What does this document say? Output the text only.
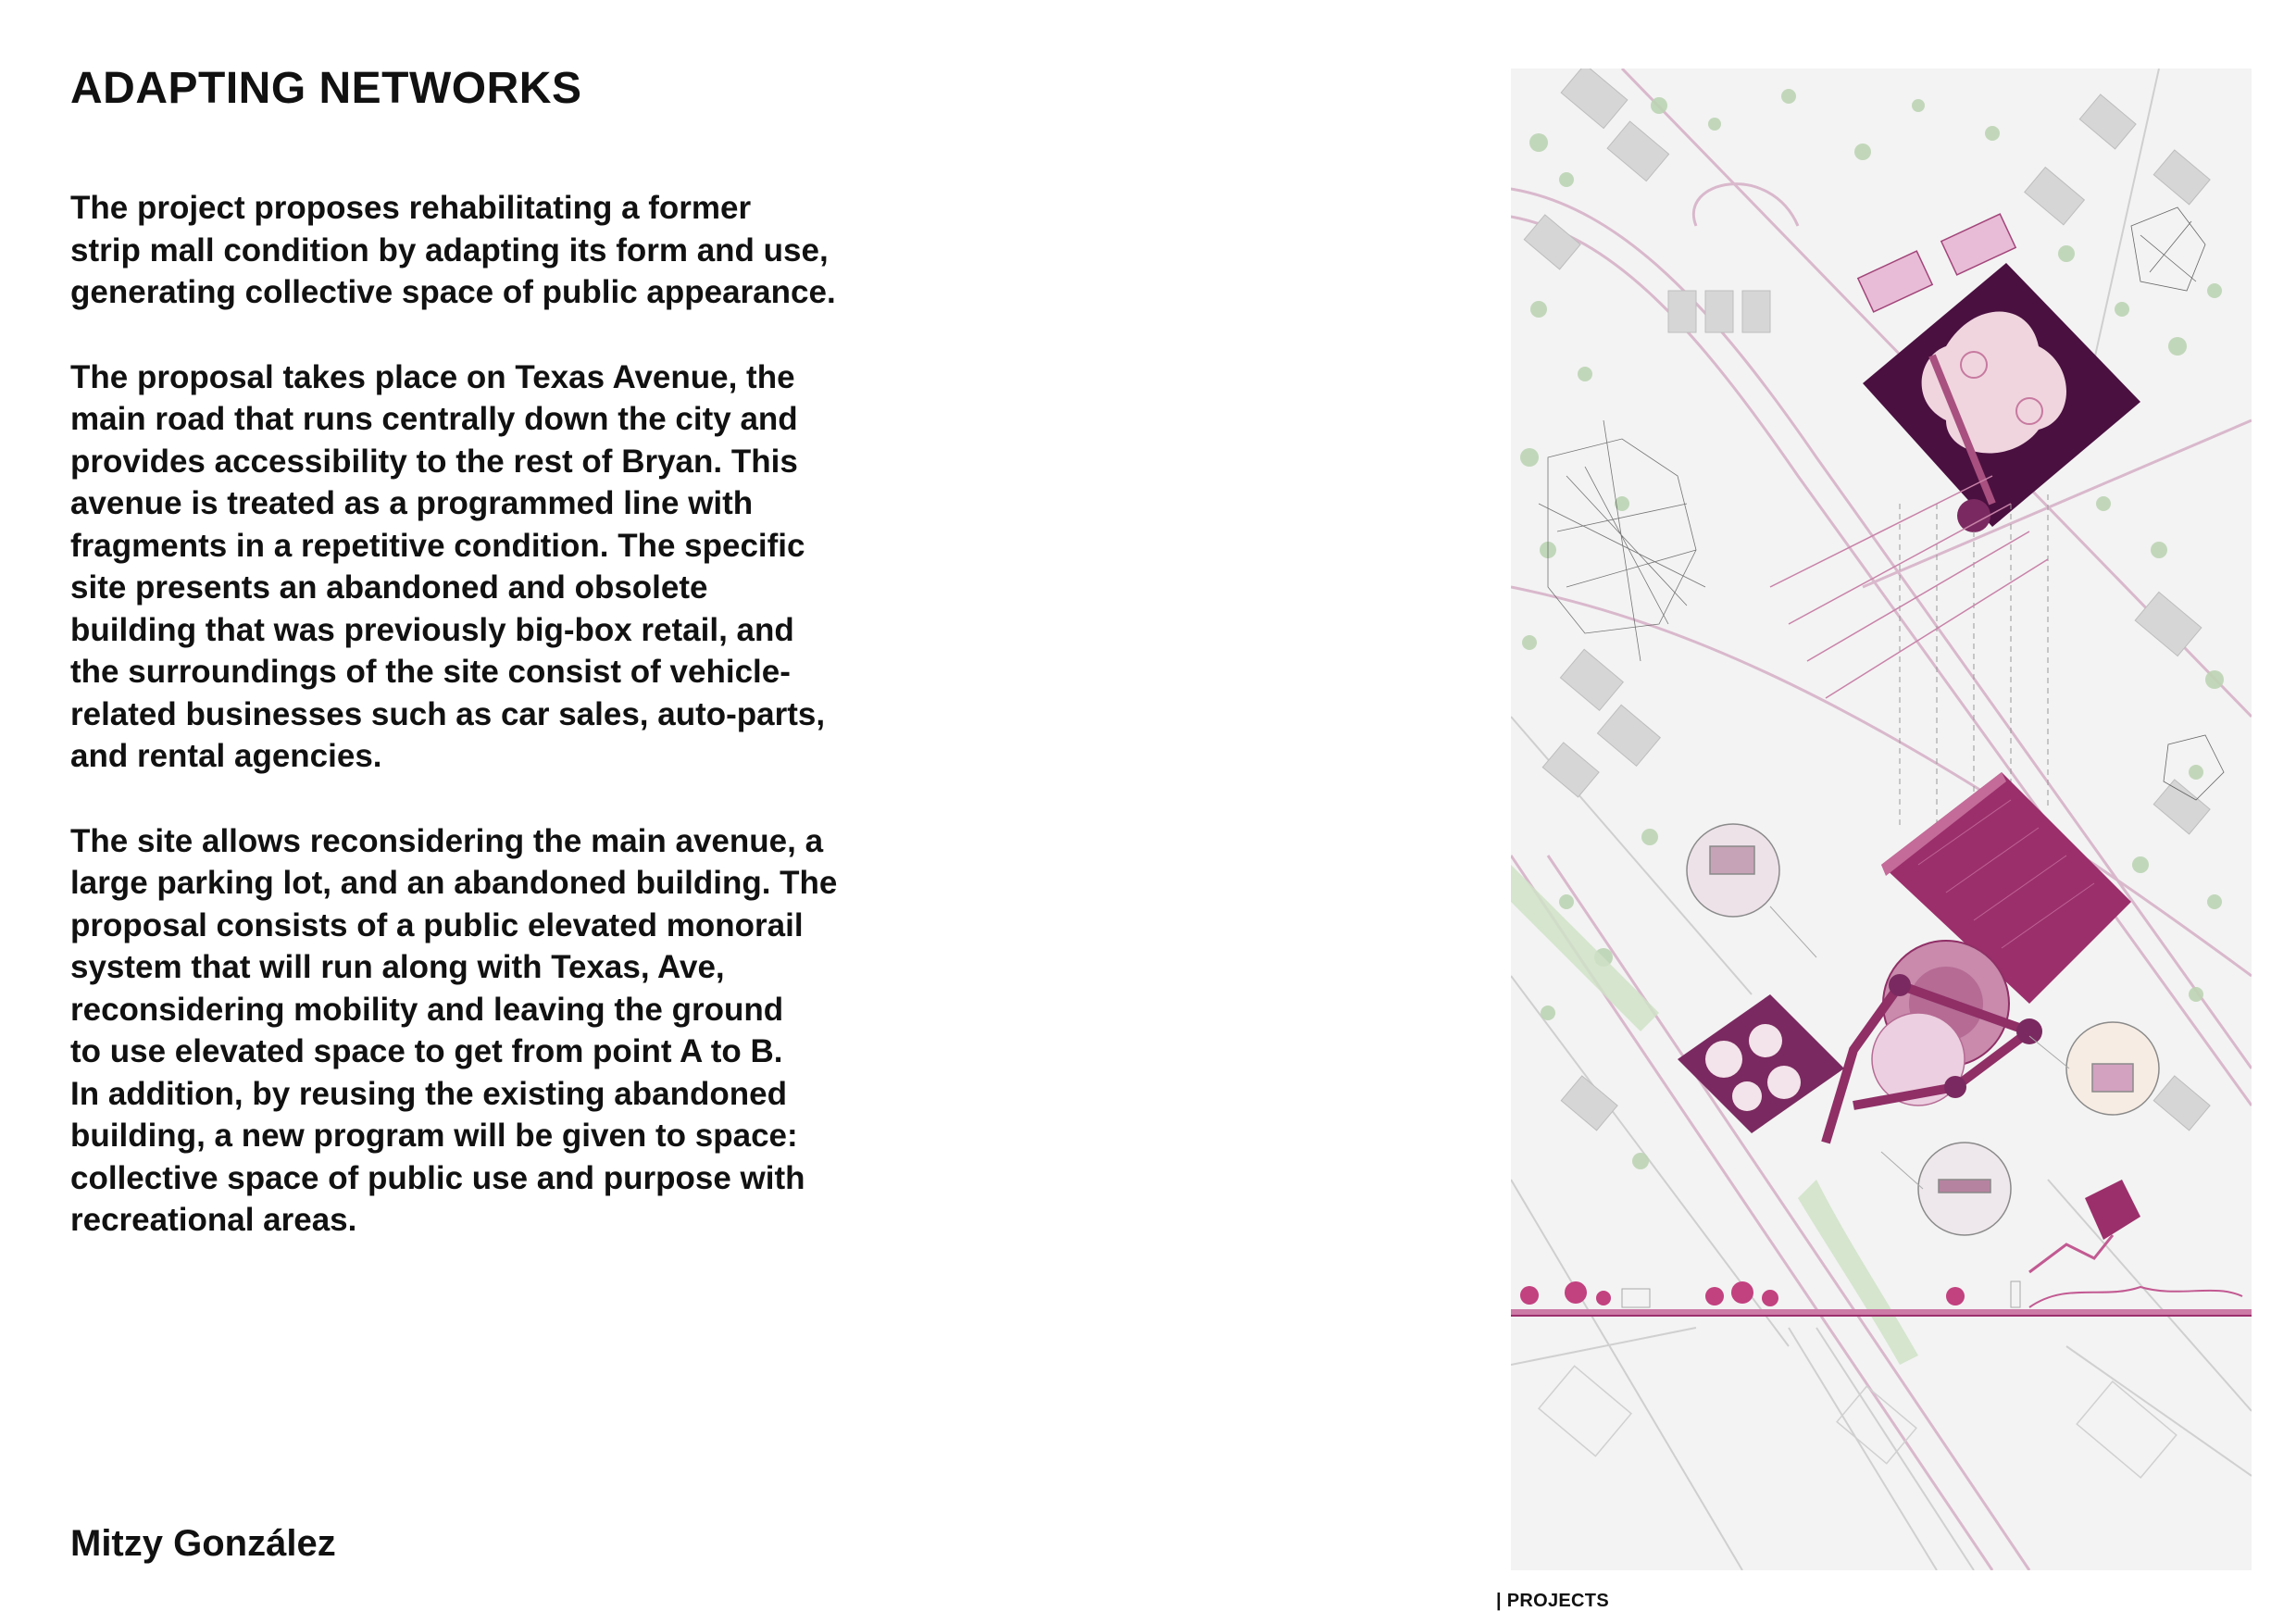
ADAPTING NETWORKS

The project proposes rehabilitating a former
strip mall condition by adapting its form and use,
generating collective space of public appearance.

The proposal takes place on Texas Avenue, the
main road that runs centrally down the city and
provides accessibility to the rest of Bryan. This
avenue is treated as a programmed line with
fragments in a repetitive condition. The specific
site presents an abandoned and obsolete
building that was previously big-box retail, and
the surroundings of the site consist of vehicle-
related businesses such as car sales, auto-parts,
and rental agencies.

The site allows reconsidering the main avenue, a
large parking lot, and an abandoned building. The
proposal consists of a public elevated monorail
system that will run along with Texas, Ave,
reconsidering mobility and leaving the ground
to use elevated space to get from point A to B.
In addition, by reusing the existing abandoned
building, a new program will be given to space:
collective space of public use and purpose with
recreational areas.

Mitzy González

| PROJECTS
